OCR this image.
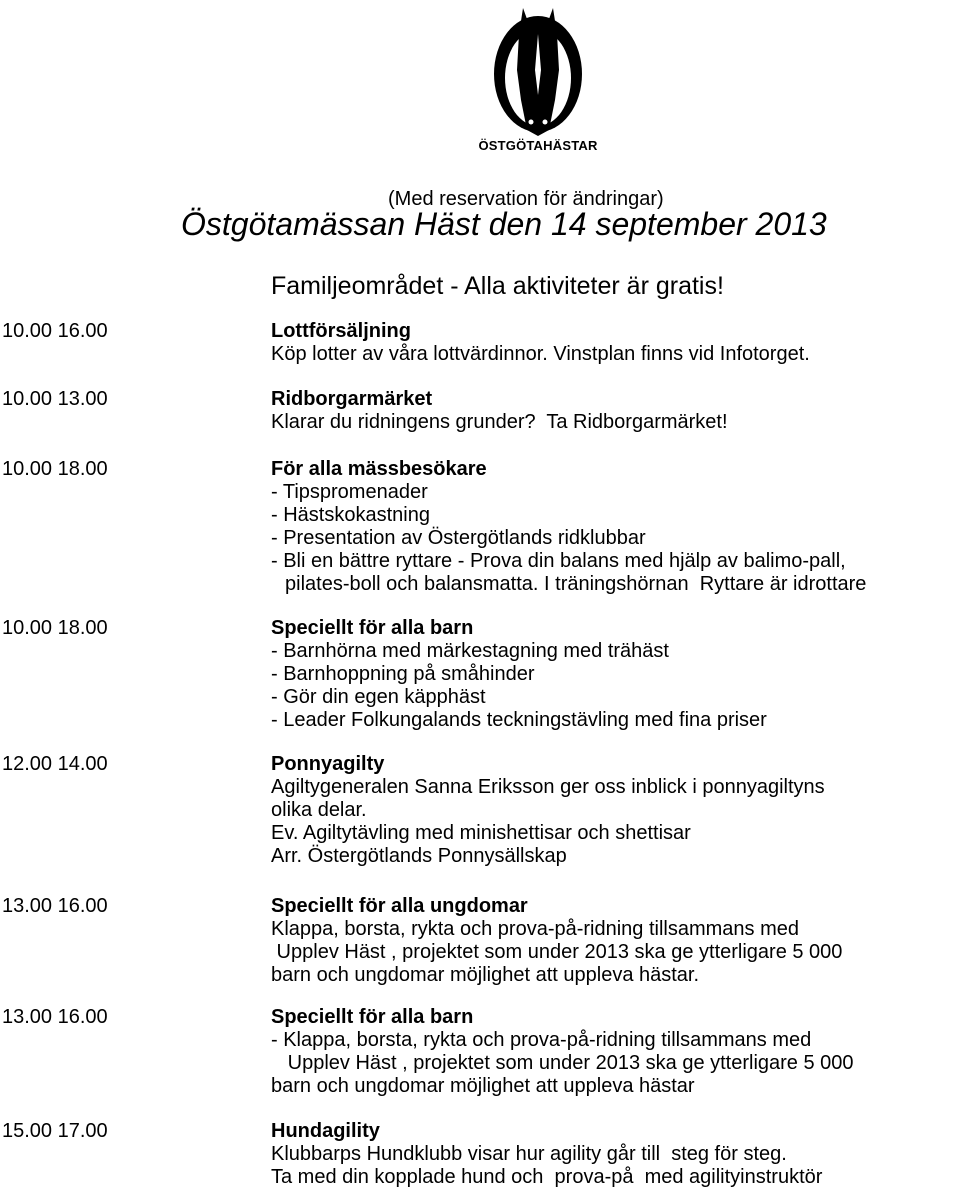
ÖSTGÖTAHÄSTAR
(Med reservation för ändringar)
Östgötamässan Häst den 14 september 2013
Familjeområdet - Alla aktiviteter är gratis!
10.00 16.00	Lottförsäljning
Köp lotter av våra lottvärdinnor. Vinstplan finns vid Infotorget.
10.00 13.00	Ridborgarmärket
Klarar du ridningens grunder?  Ta Ridborgarmärket!
10.00 18.00	För alla mässbesökare
- Tipspromenader
- Hästskokastning
- Presentation av Östergötlands ridklubbar
- Bli en bättre ryttare - Prova din balans med hjälp av balimo-pall,
pilates-boll och balansmatta. I träningshörnan  Ryttare är idrottare
10.00 18.00	Speciellt för alla barn
- Barnhörna med märkestagning med trähäst
- Barnhoppning på småhinder
- Gör din egen käpphäst
- Leader Folkungalands teckningstävling med fina priser
12.00 14.00	Ponnyagilty
Agiltygeneralen Sanna Eriksson ger oss inblick i ponnyagiltyns
olika delar.
Ev. Agiltytävling med minishettisar och shettisar
Arr. Östergötlands Ponnysällskap
13.00 16.00	Speciellt för alla ungdomar
Klappa, borsta, rykta och prova-på-ridning tillsammans med
Upplev Häst , projektet som under 2013 ska ge ytterligare 5 000
barn och ungdomar möjlighet att uppleva hästar.
13.00 16.00	Speciellt för alla barn
- Klappa, borsta, rykta och prova-på-ridning tillsammans med
Upplev Häst , projektet som under 2013 ska ge ytterligare 5 000
barn och ungdomar möjlighet att uppleva hästar
15.00 17.00	Hundagility
Klubbarps Hundklubb visar hur agility går till  steg för steg.
Ta med din kopplade hund och  prova-på  med agilityinstruktör
